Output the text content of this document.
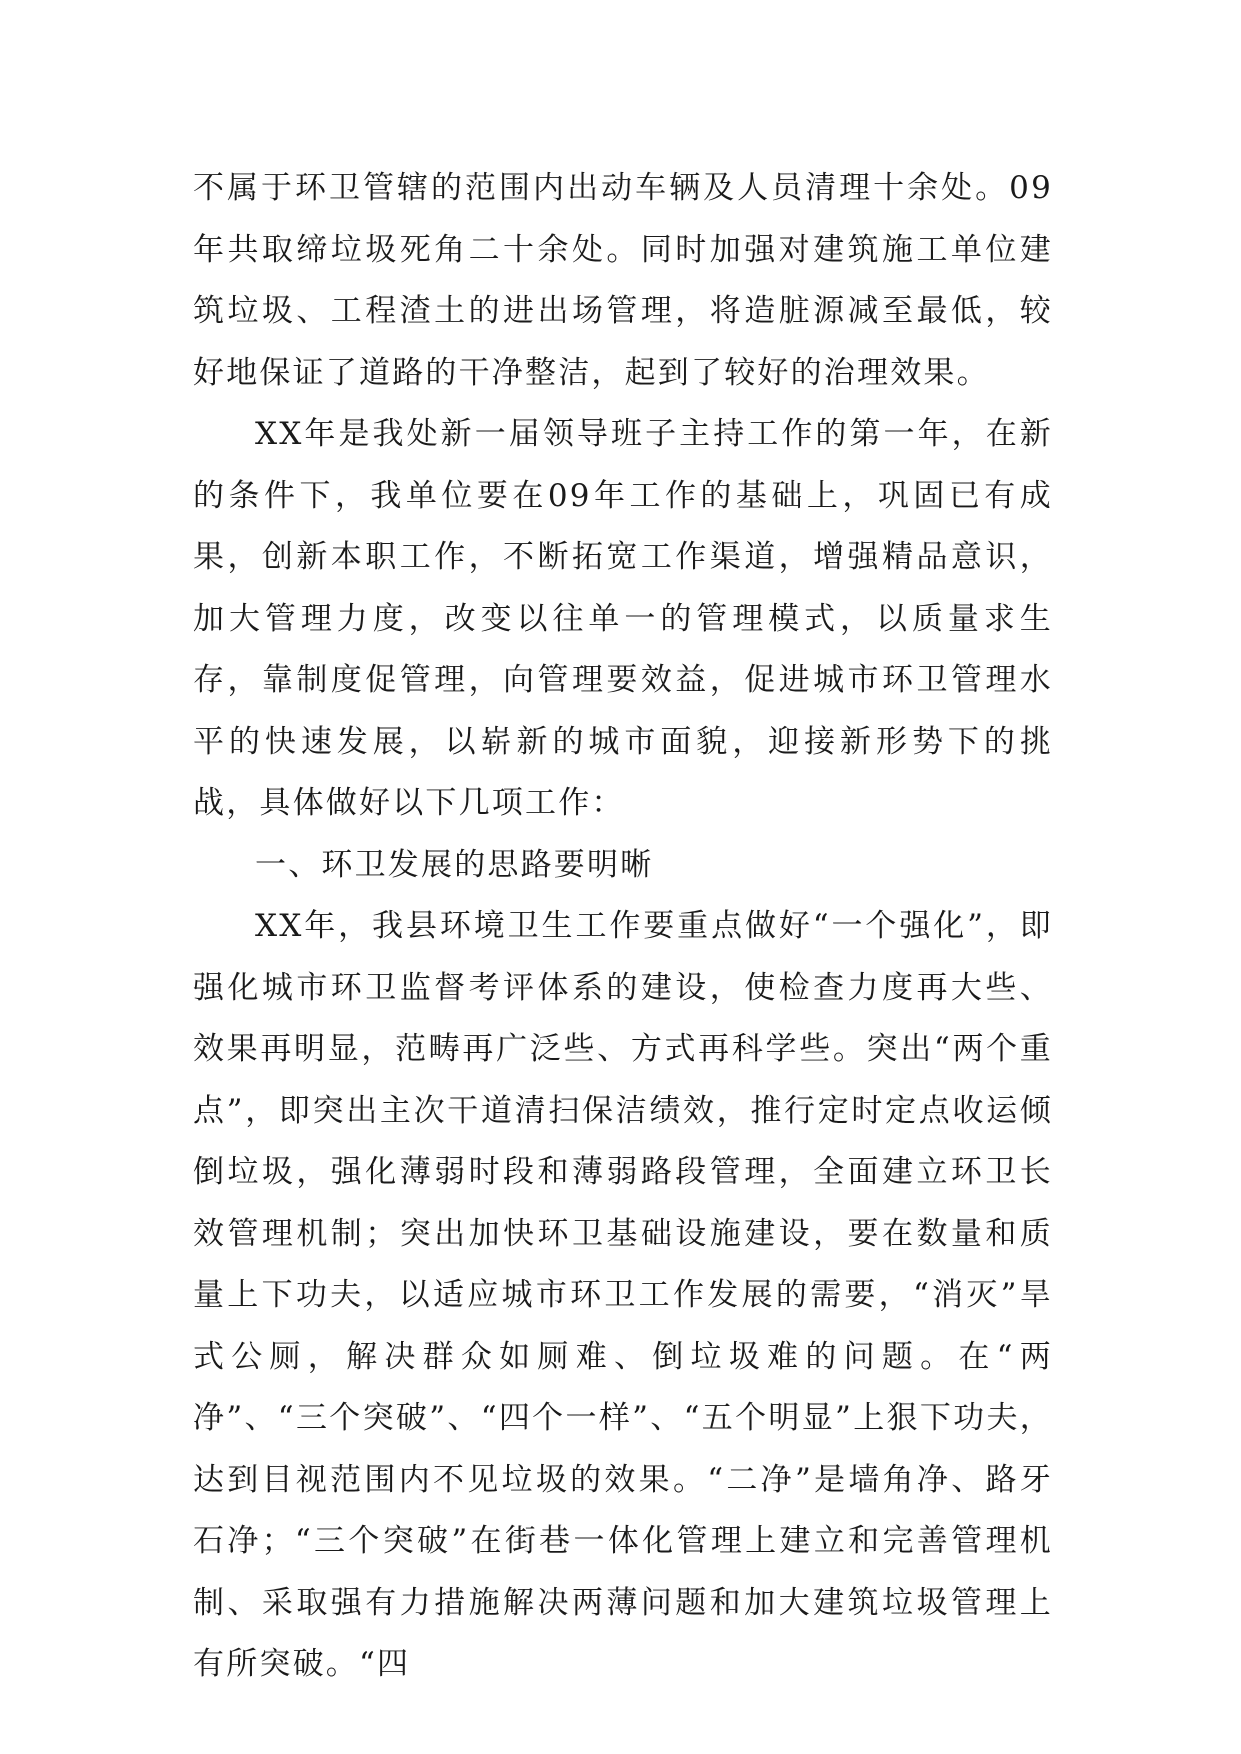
不属于环卫管辖的范围内出动车辆及人员清理十余处。09年共取缔垃圾死角二十余处。同时加强对建筑施工单位建筑垃圾、工程渣土的进出场管理，将造脏源减至最低，较好地保证了道路的干净整洁，起到了较好的治理效果。

XX年是我处新一届领导班子主持工作的第一年，在新的条件下，我单位要在09年工作的基础上，巩固已有成果，创新本职工作，不断拓宽工作渠道，增强精品意识，加大管理力度，改变以往单一的管理模式，以质量求生存，靠制度促管理，向管理要效益，促进城市环卫管理水平的快速发展，以崭新的城市面貌，迎接新形势下的挑战，具体做好以下几项工作：

一、环卫发展的思路要明晰

XX年，我县环境卫生工作要重点做好“一个强化”，即强化城市环卫监督考评体系的建设，使检查力度再大些、效果再明显，范畴再广泛些、方式再科学些。突出“两个重点”，即突出主次干道清扫保洁绩效，推行定时定点收运倾倒垃圾，强化薄弱时段和薄弱路段管理，全面建立环卫长效管理机制；突出加快环卫基础设施建设，要在数量和质量上下功夫，以适应城市环卫工作发展的需要，“消灭”旱式公厕，解决群众如厕难、倒垃圾难的问题。在“两净”、“三个突破”、“四个一样”、“五个明显”上狠下功夫，达到目视范围内不见垃圾的效果。“二净”是墙角净、路牙石净；“三个突破”在街巷一体化管理上建立和完善管理机制、采取强有力措施解决两薄问题和加大建筑垃圾管理上有所突破。“四
